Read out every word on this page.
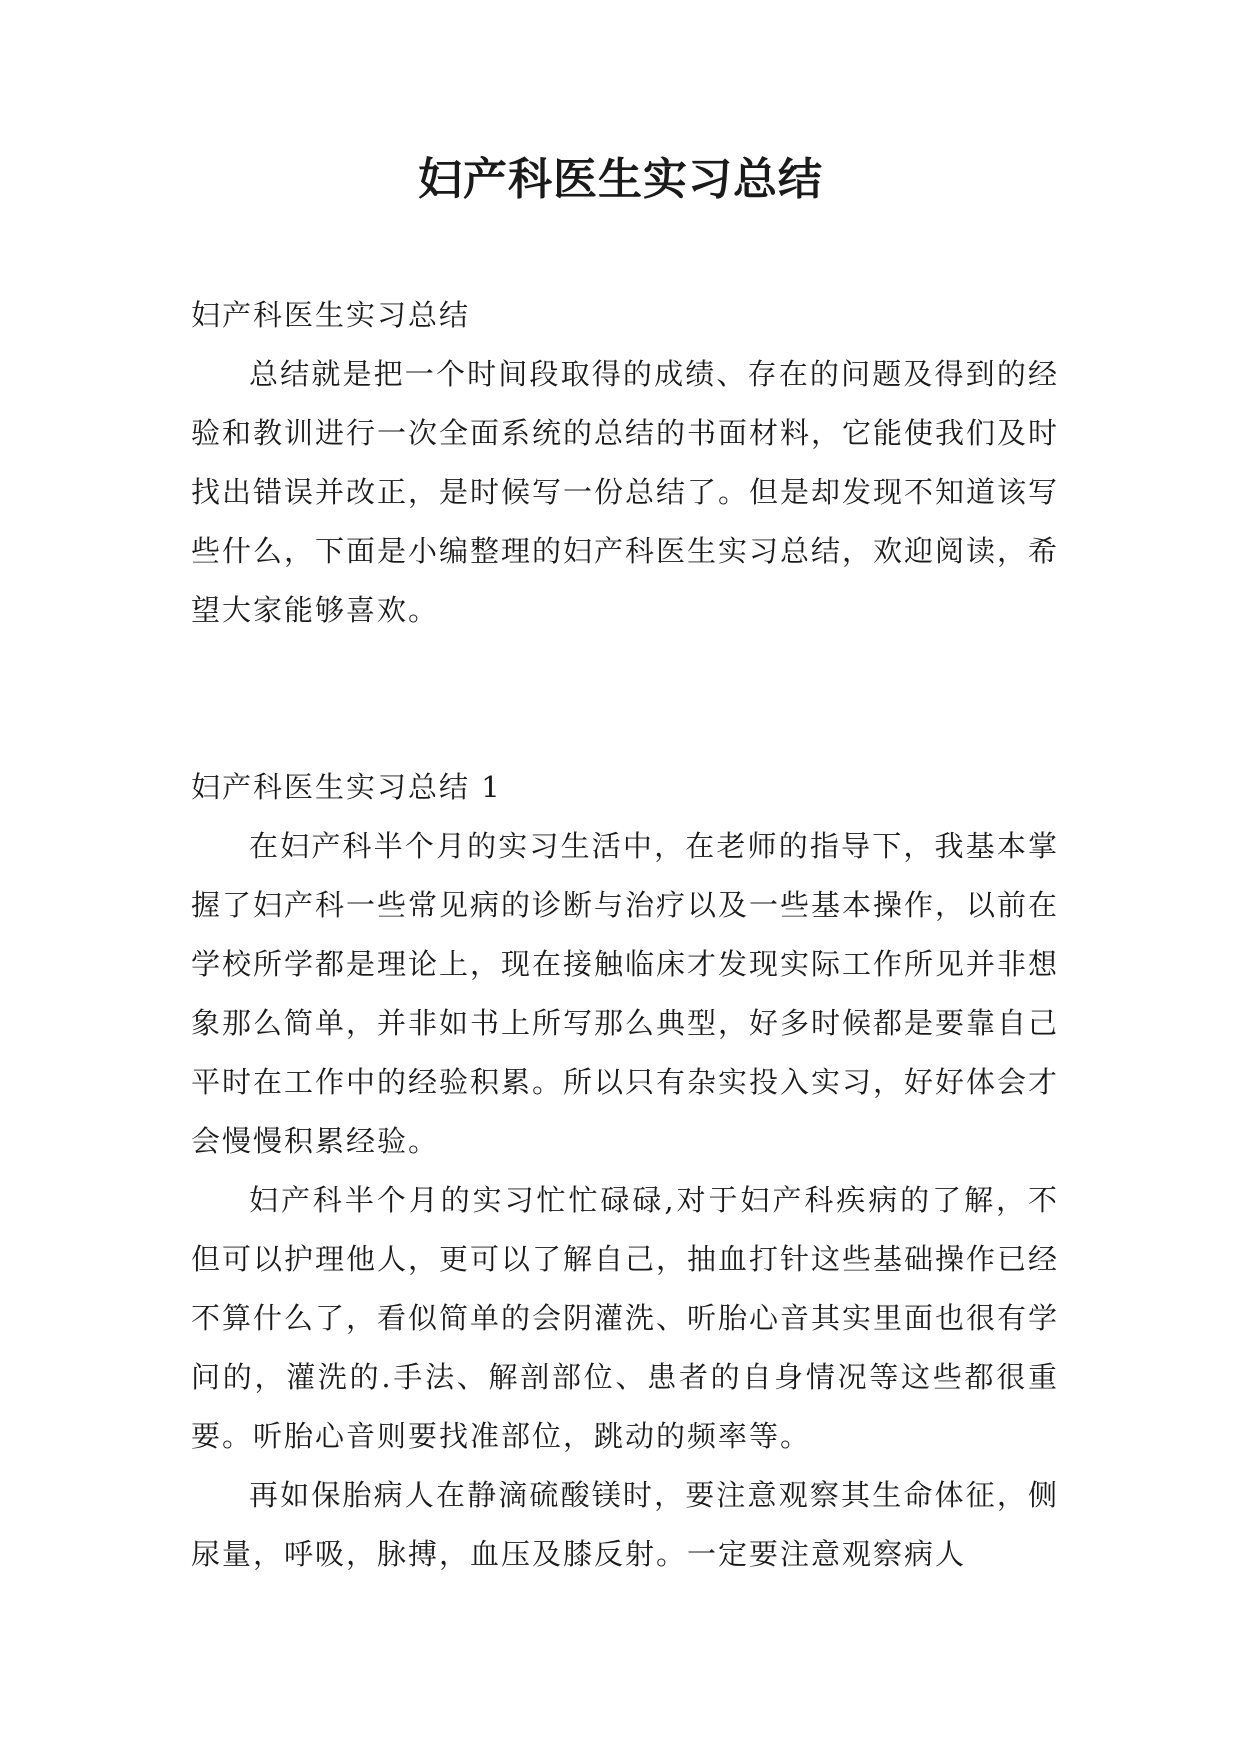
妇产科医生实习总结

妇产科医生实习总结

总结就是把一个时间段取得的成绩、存在的问题及得到的经验和教训进行一次全面系统的总结的书面材料，它能使我们及时找出错误并改正，是时候写一份总结了。但是却发现不知道该写些什么，下面是小编整理的妇产科医生实习总结，欢迎阅读，希望大家能够喜欢。

妇产科医生实习总结 1

在妇产科半个月的实习生活中，在老师的指导下，我基本掌握了妇产科一些常见病的诊断与治疗以及一些基本操作，以前在学校所学都是理论上，现在接触临床才发现实际工作所见并非想象那么简单，并非如书上所写那么典型，好多时候都是要靠自己平时在工作中的经验积累。所以只有杂实投入实习，好好体会才会慢慢积累经验。

妇产科半个月的实习忙忙碌碌,对于妇产科疾病的了解，不但可以护理他人，更可以了解自己，抽血打针这些基础操作已经不算什么了，看似简单的会阴灌洗、听胎心音其实里面也很有学问的，灌洗的.手法、解剖部位、患者的自身情况等这些都很重要。听胎心音则要找准部位，跳动的频率等。

再如保胎病人在静滴硫酸镁时，要注意观察其生命体征，侧尿量，呼吸，脉搏，血压及膝反射。一定要注意观察病人
